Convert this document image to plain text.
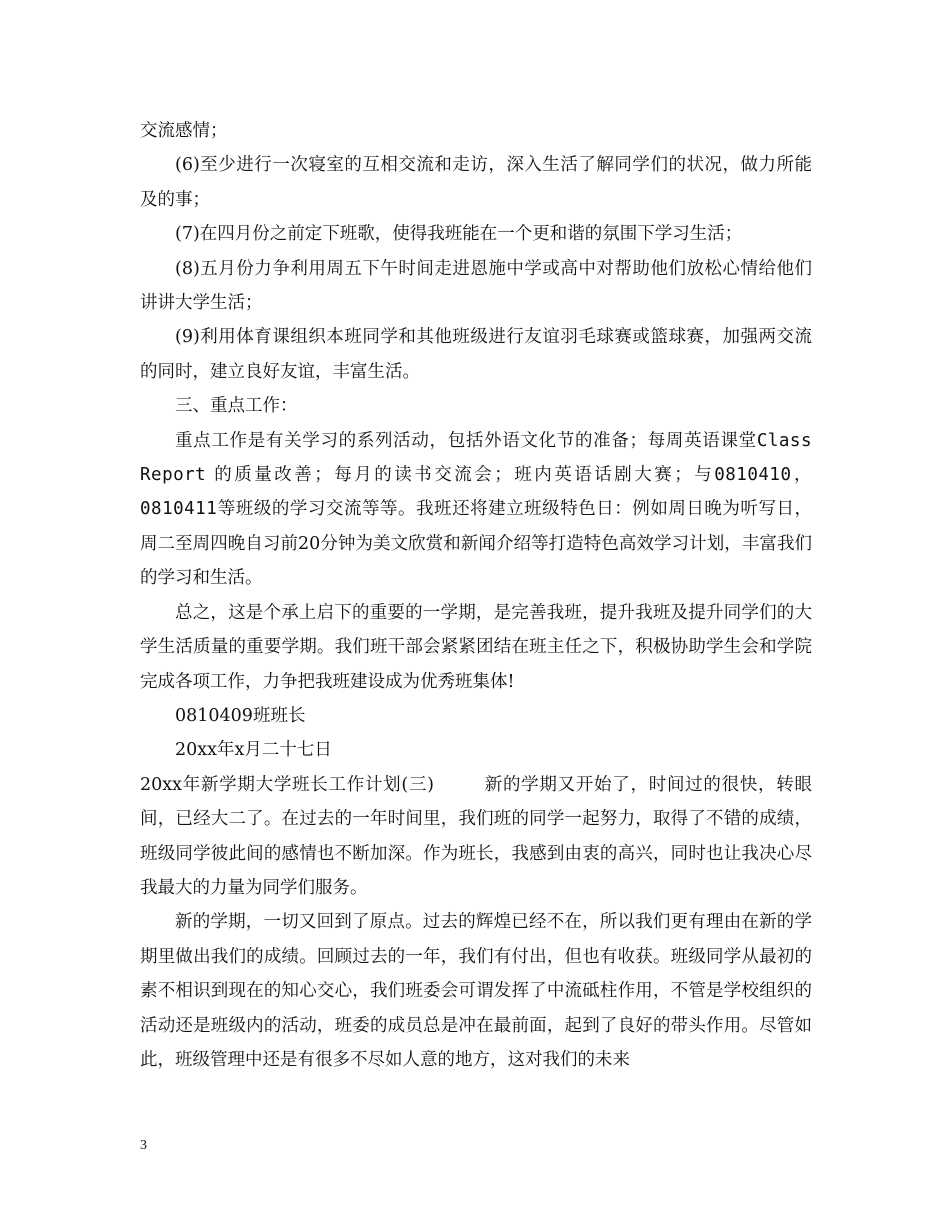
交流感情；

(6)至少进行一次寝室的互相交流和走访，深入生活了解同学们的状况，做力所能及的事；

(7)在四月份之前定下班歌，使得我班能在一个更和谐的氛围下学习生活；

(8)五月份力争利用周五下午时间走进恩施中学或高中对帮助他们放松心情给他们讲讲大学生活；

(9)利用体育课组织本班同学和其他班级进行友谊羽毛球赛或篮球赛，加强两交流的同时，建立良好友谊，丰富生活。

三、重点工作：

重点工作是有关学习的系列活动，包括外语文化节的准备；每周英语课堂Class Report 的质量改善；每月的读书交流会；班内英语话剧大赛；与0810410，0810411等班级的学习交流等等。我班还将建立班级特色日：例如周日晚为听写日，周二至周四晚自习前20分钟为美文欣赏和新闻介绍等打造特色高效学习计划，丰富我们的学习和生活。

总之，这是个承上启下的重要的一学期，是完善我班，提升我班及提升同学们的大学生活质量的重要学期。我们班干部会紧紧团结在班主任之下，积极协助学生会和学院完成各项工作，力争把我班建设成为优秀班集体!

0810409班班长

20xx年x月二十七日

20xx年新学期大学班长工作计划(三)	新的学期又开始了，时间过的很快，转眼间，已经大二了。在过去的一年时间里，我们班的同学一起努力，取得了不错的成绩，班级同学彼此间的感情也不断加深。作为班长，我感到由衷的高兴，同时也让我决心尽我最大的力量为同学们服务。

新的学期，一切又回到了原点。过去的辉煌已经不在，所以我们更有理由在新的学期里做出我们的成绩。回顾过去的一年，我们有付出，但也有收获。班级同学从最初的素不相识到现在的知心交心，我们班委会可谓发挥了中流砥柱作用，不管是学校组织的活动还是班级内的活动，班委的成员总是冲在最前面，起到了良好的带头作用。尽管如此，班级管理中还是有很多不尽如人意的地方，这对我们的未来

3
